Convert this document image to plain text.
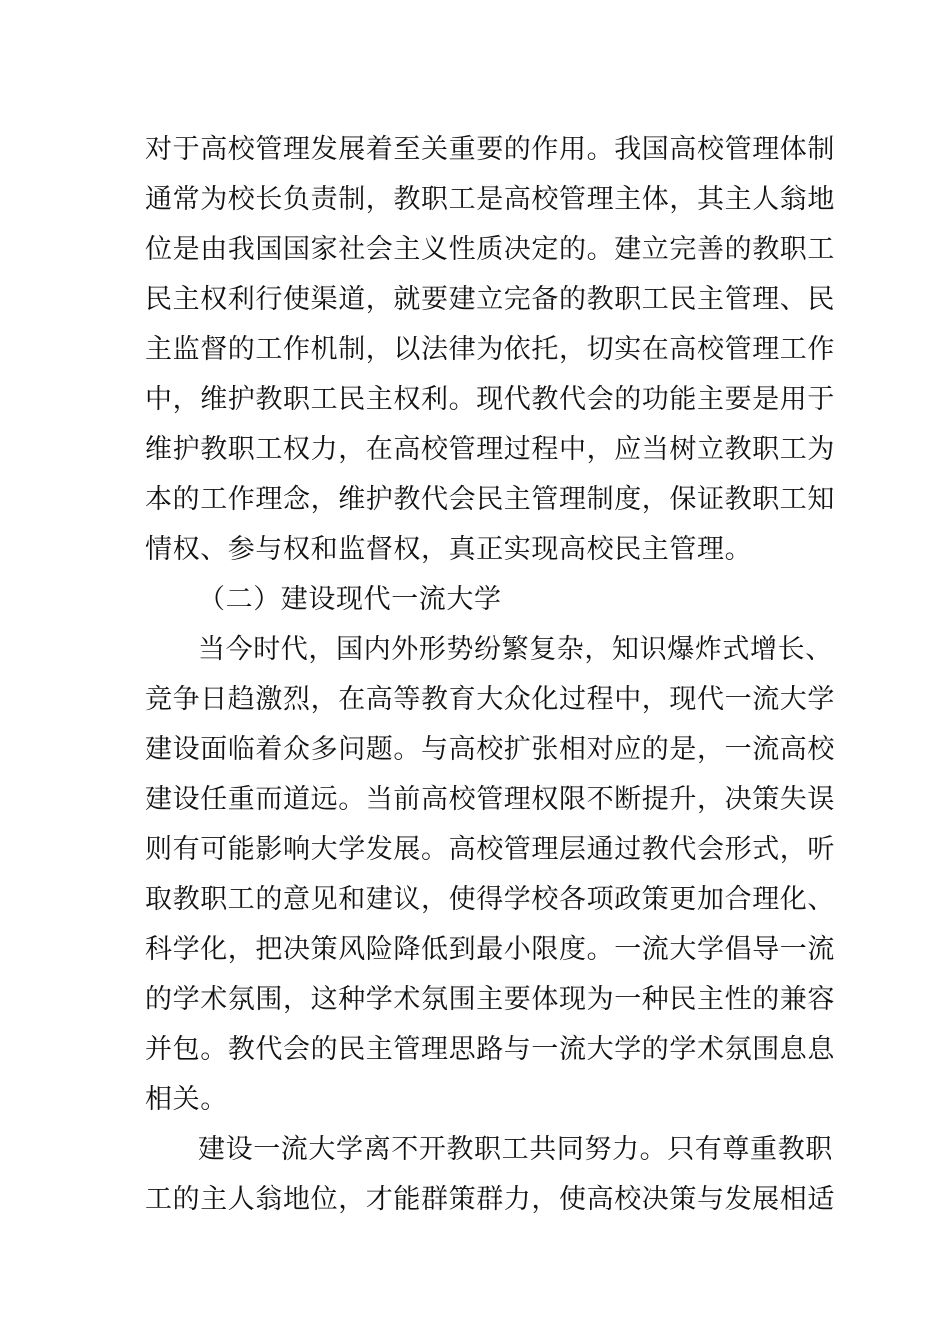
对于高校管理发展着至关重要的作用。我国高校管理体制
通常为校长负责制，教职工是高校管理主体，其主人翁地
位是由我国国家社会主义性质决定的。建立完善的教职工
民主权利行使渠道，就要建立完备的教职工民主管理、民
主监督的工作机制，以法律为依托，切实在高校管理工作
中，维护教职工民主权利。现代教代会的功能主要是用于
维护教职工权力，在高校管理过程中，应当树立教职工为
本的工作理念，维护教代会民主管理制度，保证教职工知
情权、参与权和监督权，真正实现高校民主管理。
（二）建设现代一流大学
当今时代，国内外形势纷繁复杂，知识爆炸式增长、
竞争日趋激烈，在高等教育大众化过程中，现代一流大学
建设面临着众多问题。与高校扩张相对应的是，一流高校
建设任重而道远。当前高校管理权限不断提升，决策失误
则有可能影响大学发展。高校管理层通过教代会形式，听
取教职工的意见和建议，使得学校各项政策更加合理化、
科学化，把决策风险降低到最小限度。一流大学倡导一流
的学术氛围，这种学术氛围主要体现为一种民主性的兼容
并包。教代会的民主管理思路与一流大学的学术氛围息息
相关。
建设一流大学离不开教职工共同努力。只有尊重教职
工的主人翁地位，才能群策群力，使高校决策与发展相适
